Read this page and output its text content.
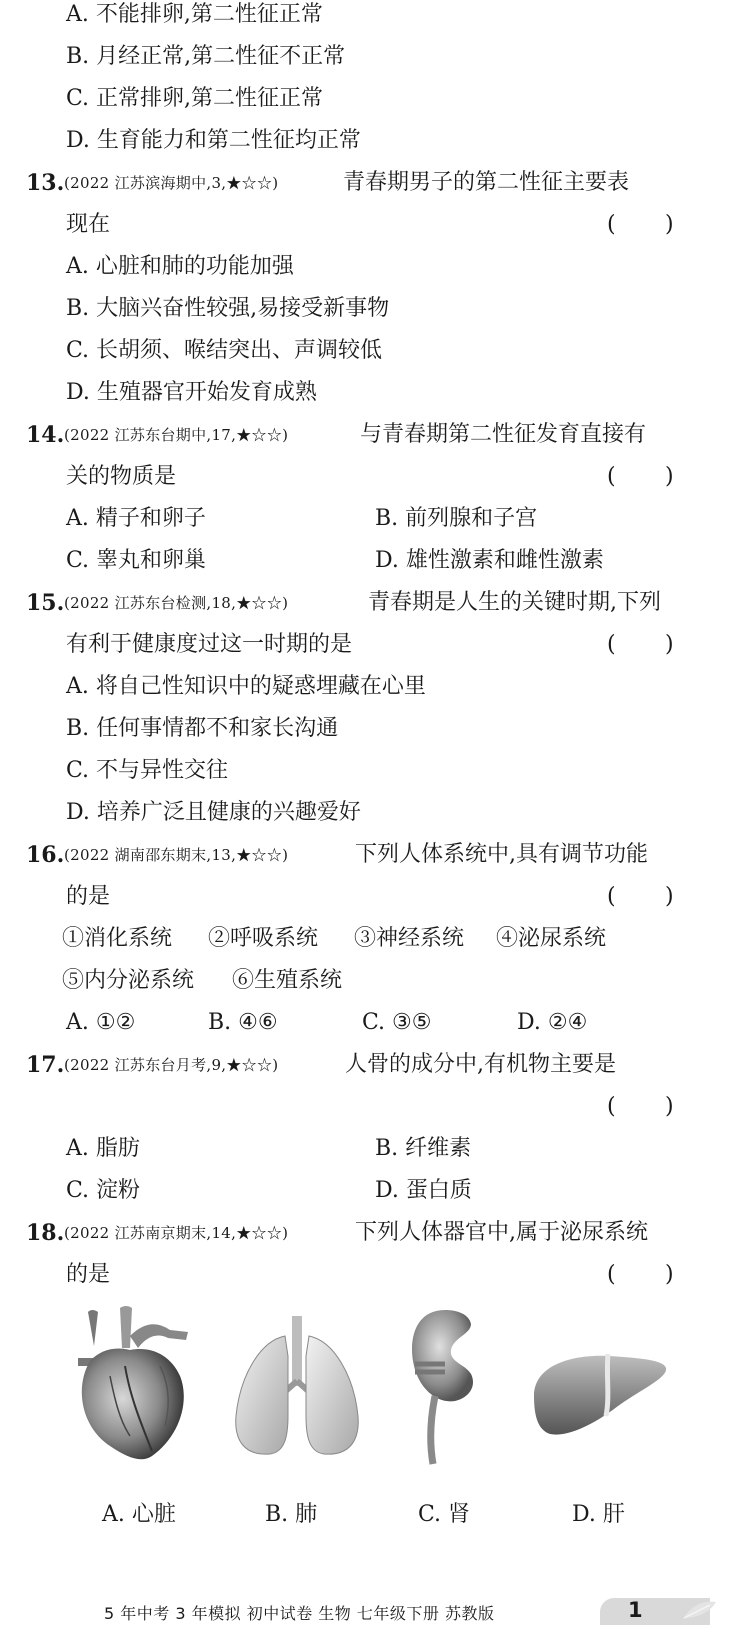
A. 不能排卵,第二性征正常
B. 月经正常,第二性征不正常
C. 正常排卵,第二性征正常
D. 生育能力和第二性征均正常
13. (2022 江苏滨海期中,3,★☆☆)	青春期男子的第二性征主要表
现在	( )
A. 心脏和肺的功能加强
B. 大脑兴奋性较强,易接受新事物
C. 长胡须、喉结突出、声调较低
D. 生殖器官开始发育成熟
14. (2022 江苏东台期中,17,★☆☆)	与青春期第二性征发育直接有
关的物质是	( )
A. 精子和卵子	B. 前列腺和子宫
C. 睾丸和卵巢	D. 雄性激素和雌性激素
15. (2022 江苏东台检测,18,★☆☆)	青春期是人生的关键时期,下列
有利于健康度过这一时期的是	( )
A. 将自己性知识中的疑惑埋藏在心里
B. 任何事情都不和家长沟通
C. 不与异性交往
D. 培养广泛且健康的兴趣爱好
16. (2022 湖南邵东期末,13,★☆☆)	下列人体系统中,具有调节功能
的是	( )
①消化系统 ②呼吸系统 ③神经系统 ④泌尿系统
⑤内分泌系统 ⑥生殖系统
A. ①②	B. ④⑥	C. ③⑤	D. ②④
17. (2022 江苏东台月考,9,★☆☆)	人骨的成分中,有机物主要是
( )
A. 脂肪	B. 纤维素
C. 淀粉	D. 蛋白质
18. (2022 江苏南京期末,14,★☆☆)	下列人体器官中,属于泌尿系统
的是	( )
A. 心脏	B. 肺	C. 肾	D. 肝
5 年中考 3 年模拟 初中试卷 生物 七年级下册 苏教版	1
